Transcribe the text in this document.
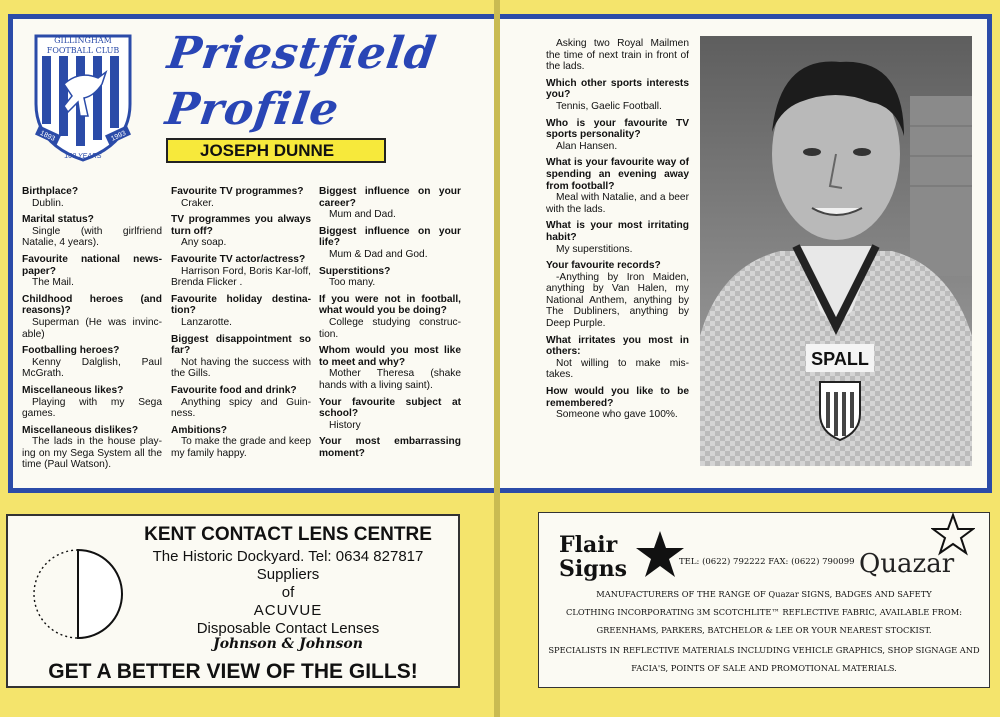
GILLINGHAM
FOOTBALL CLUB
1893	1993
100 YEARS
Priestfield
Profile
JOSEPH DUNNE
Birthplace?
Dublin.
Marital status?
Single (with girlfriend Natalie, 4 years).
Favourite national news-paper?
The Mail.
Childhood heroes (and reasons)?
Superman (He was invinc-able)
Footballing heroes?
Kenny Dalglish, Paul McGrath.
Miscellaneous likes?
Playing with my Sega games.
Miscellaneous dislikes?
The lads in the house play-ing on my Sega System all the time (Paul Watson).
Favourite TV programmes?
Craker.
TV programmes you always turn off?
Any soap.
Favourite TV actor/actress?
Harrison Ford, Boris Kar-loff, Brenda Flicker .
Favourite holiday destina-tion?
Lanzarotte.
Biggest disappointment so far?
Not having the success with the Gills.
Favourite food and drink?
Anything spicy and Guin-ness.
Ambitions?
To make the grade and keep my family happy.
Biggest influence on your career?
Mum and Dad.
Biggest influence on your life?
Mum & Dad and God.
Superstitions?
Too many.
If you were not in football, what would you be doing?
College studying construc-tion.
Whom would you most like to meet and why?
Mother Theresa (shake hands with a living saint).
Your favourite subject at school?
History
Your most embarrassing moment?
Asking two Royal Mailmen the time of next train in front of the lads.
Which other sports interests you?
Tennis, Gaelic Football.
Who is your favourite TV sports personality?
Alan Hansen.
What is your favourite way of spending an evening away from football?
Meal with Natalie, and a beer with the lads.
What is your most irritating habit?
My superstitions.
Your favourite records?
-Anything by Iron Maiden, anything by Van Halen, my National Anthem, anything by The Dubliners, anything by Deep Purple.
What irritates you most in others:
Not willing to make mis-takes.
How would you like to be remembered?
Someone who gave 100%.
SPALL
KENT CONTACT LENS CENTRE
The Historic Dockyard. Tel: 0634 827817
Suppliers
of
ACUVUE
Disposable Contact Lenses
Johnson & Johnson
GET A BETTER VIEW OF THE GILLS!
Flair
Signs	TEL: (0622) 792222 FAX: (0622) 790099 Quazar
MANUFACTURERS OF THE RANGE OF Quazar SIGNS, BADGES AND SAFETY
CLOTHING INCORPORATING 3M SCOTCHLITE™ REFLECTIVE FABRIC, AVAILABLE FROM:
GREENHAMS, PARKERS, BATCHELOR & LEE OR YOUR NEAREST STOCKIST.
SPECIALISTS IN REFLECTIVE MATERIALS INCLUDING VEHICLE GRAPHICS, SHOP SIGNAGE AND
FACIA'S, POINTS OF SALE AND PROMOTIONAL MATERIALS.
